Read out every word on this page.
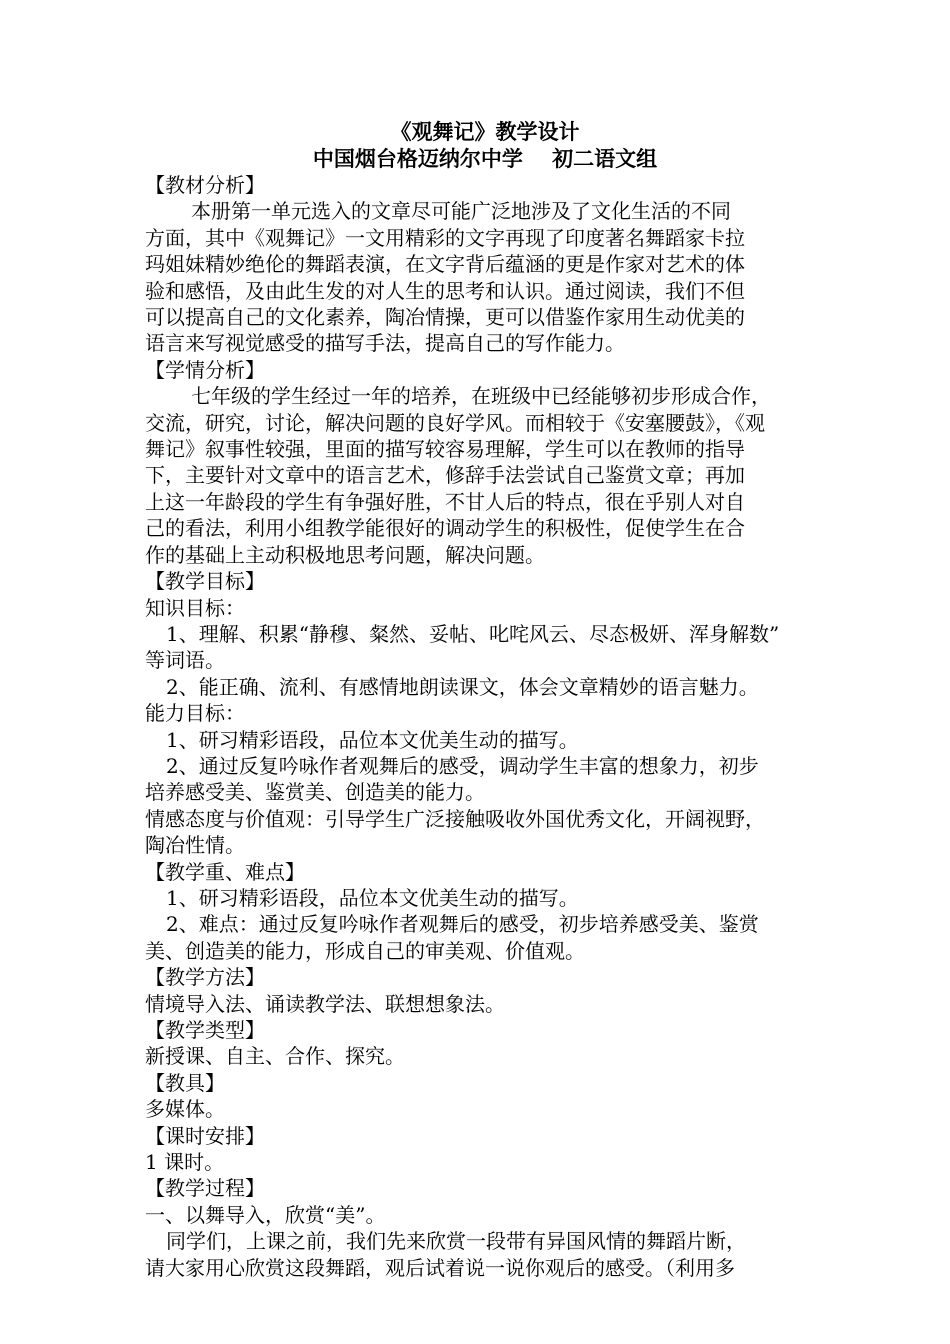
《观舞记》教学设计

中国烟台格迈纳尔中学    初二语文组

【教材分析】

本册第一单元选入的文章尽可能广泛地涉及了文化生活的不同

方面，其中《观舞记》一文用精彩的文字再现了印度著名舞蹈家卡拉

玛姐妹精妙绝伦的舞蹈表演，在文字背后蕴涵的更是作家对艺术的体

验和感悟，及由此生发的对人生的思考和认识。通过阅读，我们不但

可以提高自己的文化素养，陶冶情操，更可以借鉴作家用生动优美的

语言来写视觉感受的描写手法，提高自己的写作能力。

【学情分析】

七年级的学生经过一年的培养，在班级中已经能够初步形成合作，

交流，研究，讨论，解决问题的良好学风。而相较于《安塞腰鼓》，《观

舞记》叙事性较强，里面的描写较容易理解，学生可以在教师的指导

下，主要针对文章中的语言艺术，修辞手法尝试自己鉴赏文章；再加

上这一年龄段的学生有争强好胜，不甘人后的特点，很在乎别人对自

己的看法，利用小组教学能很好的调动学生的积极性，促使学生在合

作的基础上主动积极地思考问题，解决问题。

【教学目标】

知识目标：

1、理解、积累“静穆、粲然、妥帖、叱咤风云、尽态极妍、浑身解数”

等词语。

2、能正确、流利、有感情地朗读课文，体会文章精妙的语言魅力。

能力目标：

1、研习精彩语段，品位本文优美生动的描写。

2、通过反复吟咏作者观舞后的感受，调动学生丰富的想象力，初步

培养感受美、鉴赏美、创造美的能力。

情感态度与价值观：引导学生广泛接触吸收外国优秀文化，开阔视野，

陶冶性情。

【教学重、难点】

1、研习精彩语段，品位本文优美生动的描写。

2、难点：通过反复吟咏作者观舞后的感受，初步培养感受美、鉴赏

美、创造美的能力，形成自己的审美观、价值观。

【教学方法】

情境导入法、诵读教学法、联想想象法。

【教学类型】

新授课、自主、合作、探究。

【教具】

多媒体。

【课时安排】

1 课时。

【教学过程】

一、以舞导入，欣赏“美”。

同学们，上课之前，我们先来欣赏一段带有异国风情的舞蹈片断，

请大家用心欣赏这段舞蹈，观后试着说一说你观后的感受。（利用多
